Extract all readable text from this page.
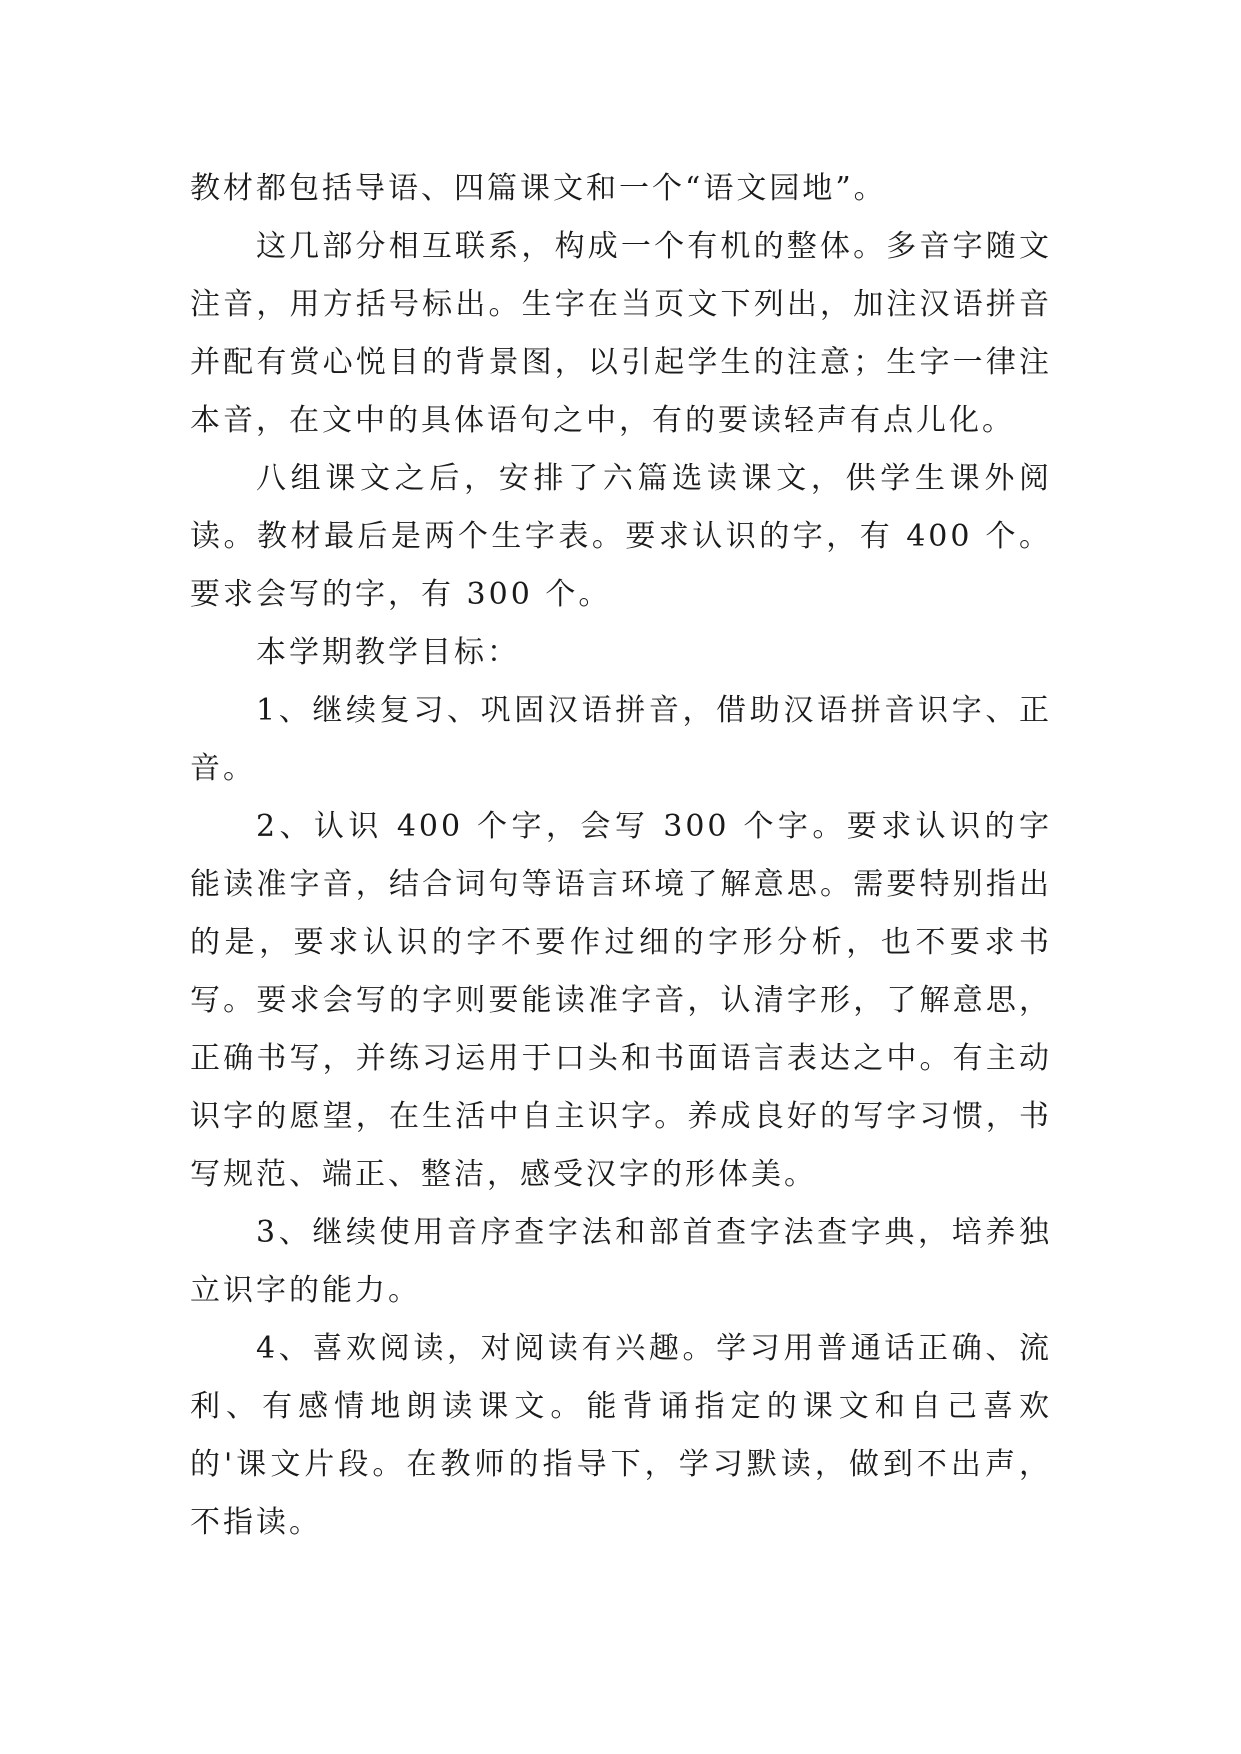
教材都包括导语、四篇课文和一个“语文园地”。

这几部分相互联系，构成一个有机的整体。多音字随文注音，用方括号标出。生字在当页文下列出，加注汉语拼音并配有赏心悦目的背景图，以引起学生的注意；生字一律注本音，在文中的具体语句之中，有的要读轻声有点儿化。

八组课文之后，安排了六篇选读课文，供学生课外阅读。教材最后是两个生字表。要求认识的字，有 400 个。要求会写的字，有 300 个。

本学期教学目标：

1、继续复习、巩固汉语拼音，借助汉语拼音识字、正音。

2、认识 400 个字，会写 300 个字。要求认识的字能读准字音，结合词句等语言环境了解意思。需要特别指出的是，要求认识的字不要作过细的字形分析，也不要求书写。要求会写的字则要能读准字音，认清字形，了解意思，正确书写，并练习运用于口头和书面语言表达之中。有主动识字的愿望，在生活中自主识字。养成良好的写字习惯，书写规范、端正、整洁，感受汉字的形体美。

3、继续使用音序查字法和部首查字法查字典，培养独立识字的能力。

4、喜欢阅读，对阅读有兴趣。学习用普通话正确、流利、有感情地朗读课文。能背诵指定的课文和自己喜欢的'课文片段。在教师的指导下，学习默读，做到不出声，不指读。
